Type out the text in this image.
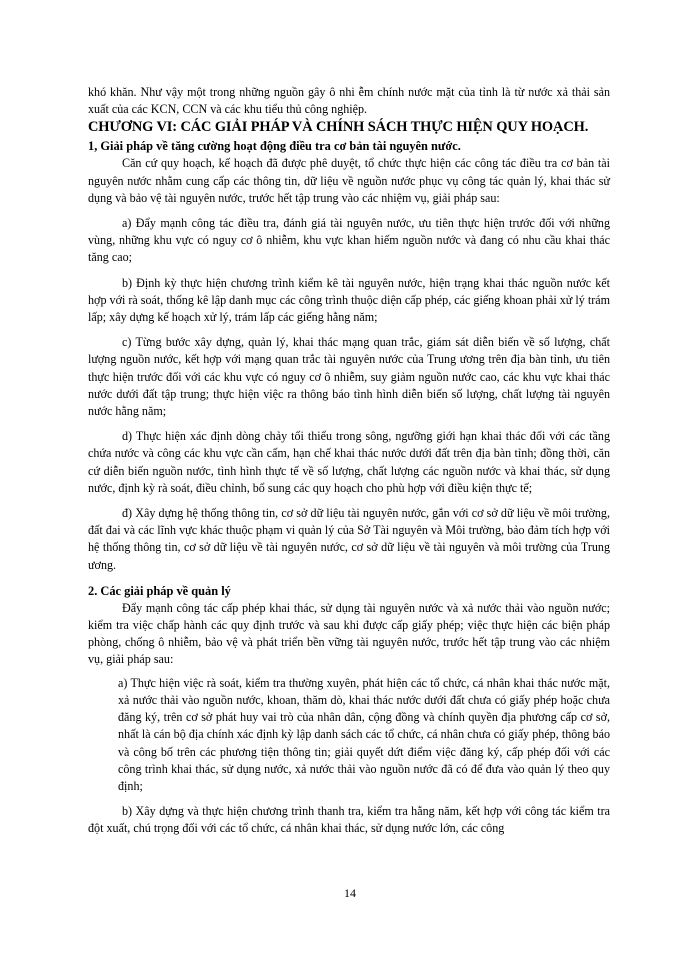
khó khăn. Như vậy một trong những nguồn gây ô nhi ễm chính nước mặt của tỉnh là từ nước xả thải sản xuất của các KCN, CCN và các khu tiểu thủ công nghiệp.

CHƯƠNG VI: CÁC GIẢI PHÁP VÀ CHÍNH SÁCH THỰC HIỆN QUY HOẠCH.
1, Giải pháp về tăng cường hoạt động điều tra cơ bản tài nguyên nước.

Căn cứ quy hoạch, kế hoạch đã được phê duyệt, tổ chức thực hiện các công tác điều tra cơ bản tài nguyên nước nhằm cung cấp các thông tin, dữ liệu về nguồn nước phục vụ công tác quản lý, khai thác sử dụng và bảo vệ tài nguyên nước, trước hết tập trung vào các nhiệm vụ, giải pháp sau:

a) Đẩy mạnh công tác điều tra, đánh giá tài nguyên nước, ưu tiên thực hiện trước đối với những vùng, những khu vực có nguy cơ ô nhiễm, khu vực khan hiếm nguồn nước và đang có nhu cầu khai thác tăng cao;

b) Định kỳ thực hiện chương trình kiểm kê tài nguyên nước, hiện trạng khai thác nguồn nước kết hợp với rà soát, thống kê lập danh mục các công trình thuộc diện cấp phép, các giếng khoan phải xử lý trám lấp; xây dựng kế hoạch xử lý, trám lấp các giếng hằng năm;

c) Từng bước xây dựng, quản lý, khai thác mạng quan trắc, giám sát diễn biến về số lượng, chất lượng nguồn nước, kết hợp với mạng quan trắc tài nguyên nước của Trung ương trên địa bàn tỉnh, ưu tiên thực hiện trước đối với các khu vực có nguy cơ ô nhiễm, suy giảm nguồn nước cao, các khu vực khai thác nước dưới đất tập trung; thực hiện việc ra thông báo tình hình diễn biến số lượng, chất lượng tài nguyên nước hằng năm;

d) Thực hiện xác định dòng chảy tối thiểu trong sông, ngưỡng giới hạn khai thác đối với các tầng chứa nước và công các khu vực cần cấm, hạn chế khai thác nước dưới đất trên địa bàn tỉnh; đồng thời, căn cứ diễn biến nguồn nước, tình hình thực tế về số lượng, chất lượng các nguồn nước và khai thác, sử dụng nước, định kỳ rà soát, điều chỉnh, bổ sung các quy hoạch cho phù hợp với điều kiện thực tế;

đ) Xây dựng hệ thống thông tin, cơ sở dữ liệu tài nguyên nước, gắn với cơ sở dữ liệu về môi trường, đất đai và các lĩnh vực khác thuộc phạm vi quản lý của Sở Tài nguyên và Môi trường, bảo đảm tích hợp với hệ thống thông tin, cơ sở dữ liệu về tài nguyên nước, cơ sở dữ liệu về tài nguyên và môi trường của Trung ương.

2. Các giải pháp về quản lý

Đẩy mạnh công tác cấp phép khai thác, sử dụng tài nguyên nước và xả nước thải vào nguồn nước; kiểm tra việc chấp hành các quy định trước và sau khi được cấp giấy phép; việc thực hiện các biện pháp phòng, chống ô nhiễm, bảo vệ và phát triển bền vững tài nguyên nước, trước hết tập trung vào các nhiệm vụ, giải pháp sau:

a) Thực hiện việc rà soát, kiểm tra thường xuyên, phát hiện các tổ chức, cá nhân khai thác nước mặt, xả nước thải vào nguồn nước, khoan, thăm dò, khai thác nước dưới đất chưa có giấy phép hoặc chưa đăng ký, trên cơ sở phát huy vai trò của nhân dân, cộng đồng và chính quyền địa phương cấp cơ sở, nhất là cán bộ địa chính xác định kỳ lập danh sách các tổ chức, cá nhân chưa có giấy phép, thông báo và công bố trên các phương tiện thông tin; giải quyết dứt điểm việc đăng ký, cấp phép đối với các công trình khai thác, sử dụng nước, xả nước thải vào nguồn nước đã có để đưa vào quản lý theo quy định;

b) Xây dựng và thực hiện chương trình thanh tra, kiểm tra hằng năm, kết hợp với công tác kiểm tra đột xuất, chú trọng đối với các tổ chức, cá nhân khai thác, sử dụng nước lớn, các công

14
